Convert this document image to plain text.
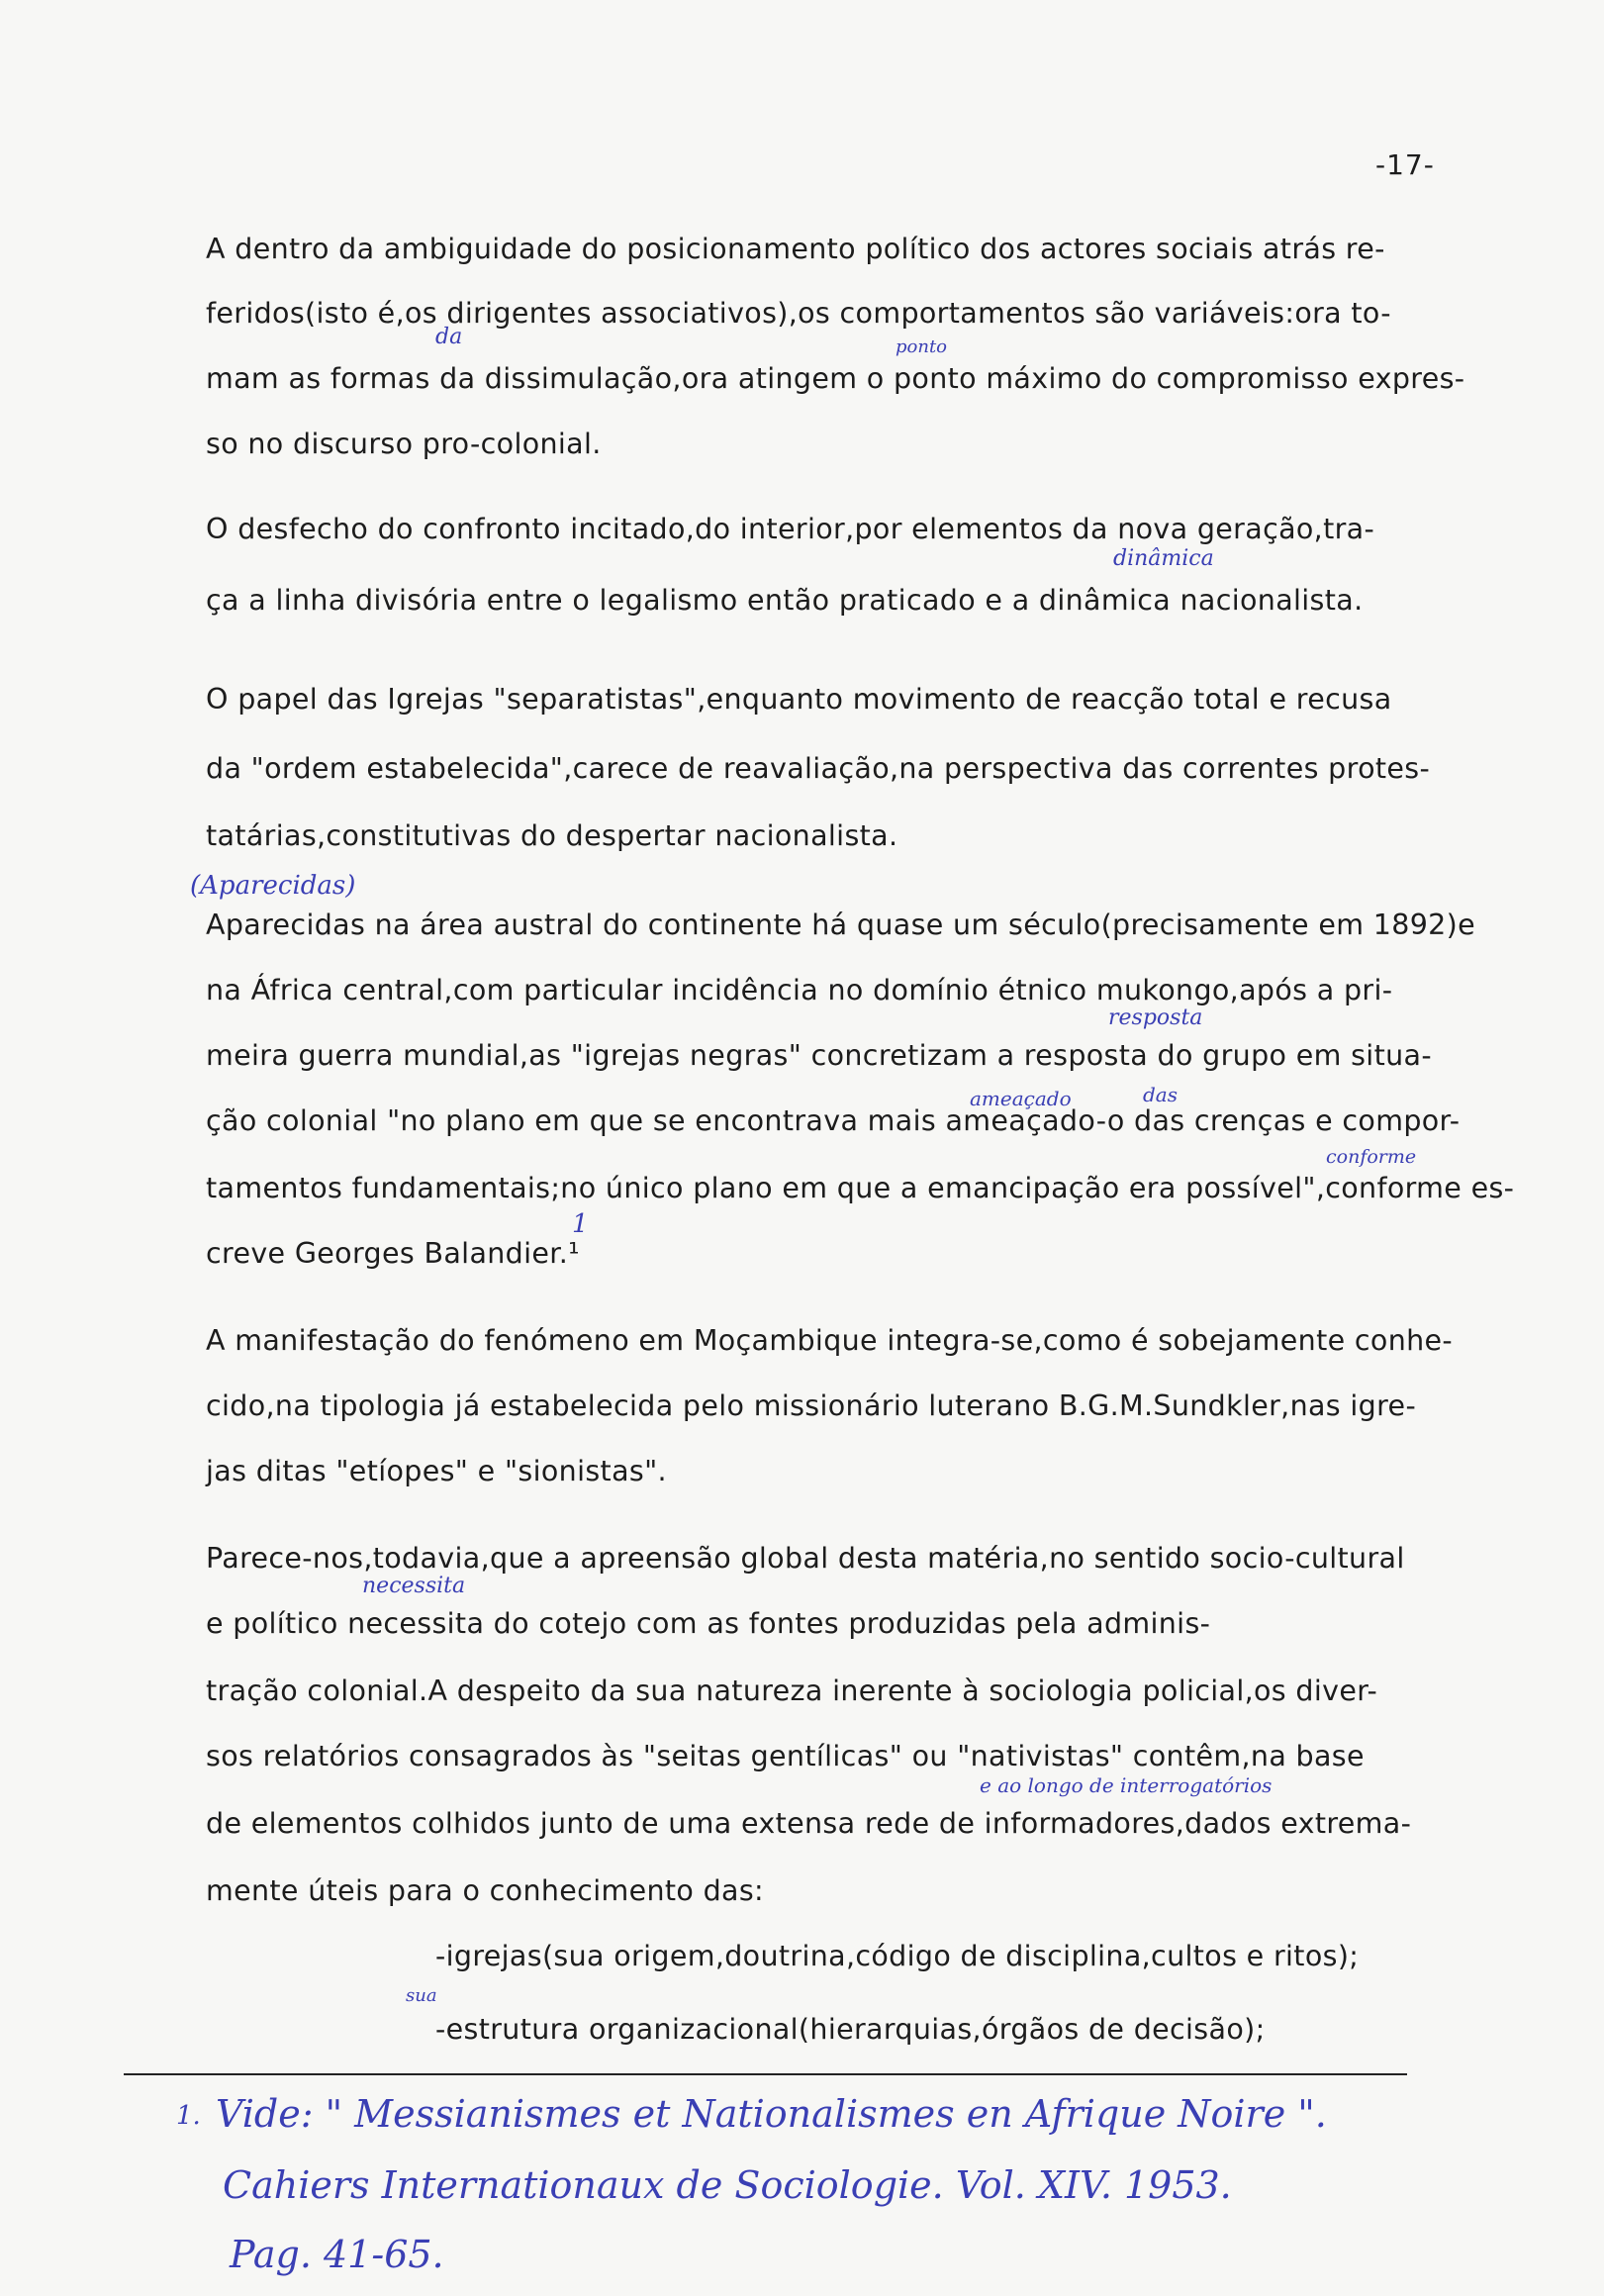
-17-
A dentro da ambiguidade do posicionamento político dos actores sociais atrás re-
feridos(isto é,os dirigentes associativos),os comportamentos são variáveis:ora to-
da	ponto
mam as formas da dissimulação,ora atingem o ponto máximo do compromisso expres-
so no discurso pro-colonial.
O desfecho do confronto incitado,do interior,por elementos da nova geração,tra-
dinâmica
ça a linha divisória entre o legalismo então praticado e a dinâmica nacionalista.
O papel das Igrejas "separatistas",enquanto movimento de reacção total e recusa
da "ordem estabelecida",carece de reavaliação,na perspectiva das correntes protes-
tatárias,constitutivas do despertar nacionalista.
(Aparecidas)
Aparecidas na área austral do continente há quase um século(precisamente em 1892)e
na África central,com particular incidência no domínio étnico mukongo,após a pri-
resposta
meira guerra mundial,as "igrejas negras" concretizam a resposta do grupo em situa-
ameaçado	das
ção colonial "no plano em que se encontrava mais ameaçado-o das crenças e compor-
conforme
tamentos fundamentais;no único plano em que a emancipação era possível",conforme es-
creve Georges Balandier.¹
1
A manifestação do fenómeno em Moçambique integra-se,como é sobejamente conhe-
cido,na tipologia já estabelecida pelo missionário luterano B.G.M.Sundkler,nas igre-
jas ditas "etíopes" e "sionistas".
Parece-nos,todavia,que a apreensão global desta matéria,no sentido socio-cultural
necessita
e político necessita do cotejo com as fontes produzidas pela adminis-
tração colonial.A despeito da sua natureza inerente à sociologia policial,os diver-
sos relatórios consagrados às "seitas gentílicas" ou "nativistas" contêm,na base
e ao longo de interrogatórios
de elementos colhidos junto de uma extensa rede de informadores,dados extrema-
mente úteis para o conhecimento das:
-igrejas(sua origem,doutrina,código de disciplina,cultos e ritos);
sua
-estrutura organizacional(hierarquias,órgãos de decisão);
1. Vide: " Messianismes et Nationalismes en Afrique Noire ".
Cahiers Internationaux de Sociologie. Vol. XIV. 1953.
Pag. 41-65.
